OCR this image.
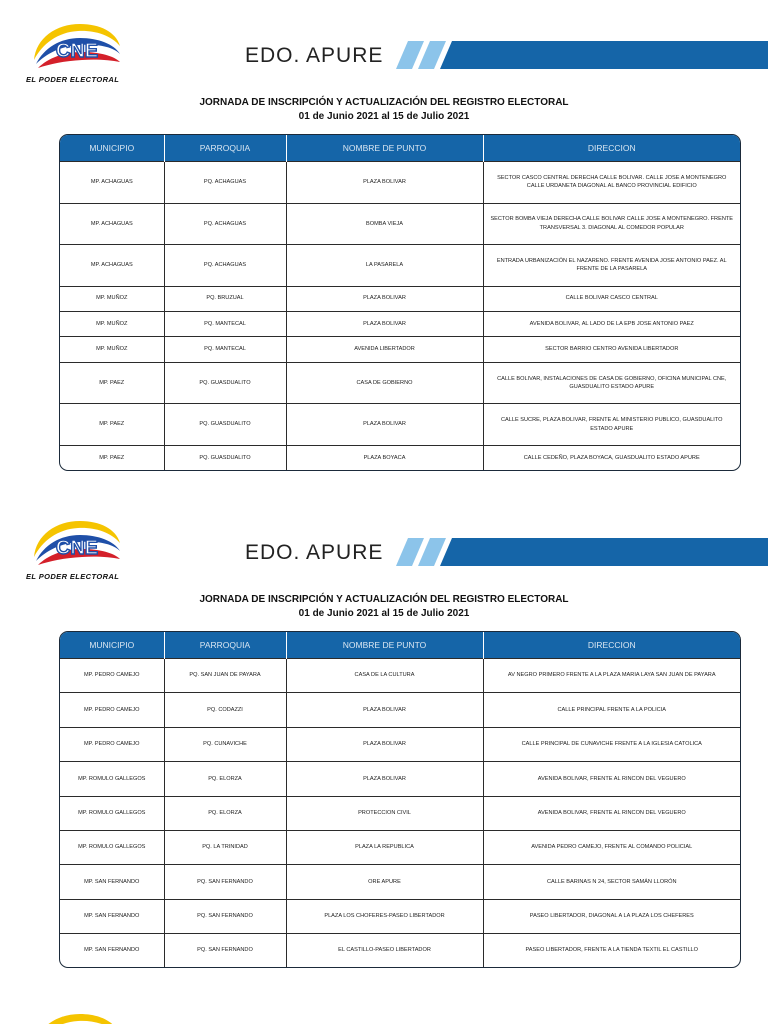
CNE
EL PODER ELECTORAL
EDO. APURE
JORNADA DE INSCRIPCIÓN Y ACTUALIZACIÓN DEL REGISTRO ELECTORAL
01 de Junio 2021 al 15 de Julio 2021
MUNICIPIO	PARROQUIA	NOMBRE DE PUNTO	DIRECCION
MP. ACHAGUAS	PQ. ACHAGUAS	PLAZA BOLIVAR	SECTOR CASCO CENTRAL DERECHA CALLE BOLIVAR. CALLE JOSE A MONTENEGRO CALLE URDANETA DIAGONAL AL BANCO PROVINCIAL EDIFICIO
MP. ACHAGUAS	PQ. ACHAGUAS	BOMBA VIEJA	SECTOR BOMBA VIEJA DERECHA CALLE BOLIVAR CALLE JOSE A MONTENEGRO. FRENTE TRANSVERSAL 3. DIAGONAL AL COMEDOR POPULAR
MP. ACHAGUAS	PQ. ACHAGUAS	LA PASARELA	ENTRADA URBANIZACIÓN EL NAZARENO. FRENTE AVENIDA JOSE ANTONIO PAEZ. AL FRENTE DE LA PASARELA
MP. MUÑOZ	PQ. BRUZUAL	PLAZA BOLIVAR	CALLE BOLIVAR CASCO CENTRAL
MP. MUÑOZ	PQ. MANTECAL	PLAZA BOLIVAR	AVENIDA BOLIVAR, AL LADO DE LA EPB JOSE ANTONIO PAEZ
MP. MUÑOZ	PQ. MANTECAL	AVENIDA LIBERTADOR	SECTOR BARRIO CENTRO AVENIDA LIBERTADOR
MP. PAEZ	PQ. GUASDUALITO	CASA DE GOBIERNO	CALLE BOLIVAR, INSTALACIONES DE CASA DE GOBIERNO, OFICINA MUNICIPAL CNE, GUASDUALITO ESTADO APURE
MP. PAEZ	PQ. GUASDUALITO	PLAZA BOLIVAR	CALLE SUCRE, PLAZA BOLIVAR, FRENTE AL MINISTERIO PUBLICO, GUASDUALITO ESTADO APURE
MP. PAEZ	PQ. GUASDUALITO	PLAZA BOYACA	CALLE CEDEÑO, PLAZA BOYACA, GUASDUALITO ESTADO APURE
CNE
EL PODER ELECTORAL
EDO. APURE
JORNADA DE INSCRIPCIÓN Y ACTUALIZACIÓN DEL REGISTRO ELECTORAL
01 de Junio 2021 al 15 de Julio 2021
MUNICIPIO	PARROQUIA	NOMBRE DE PUNTO	DIRECCION
MP. PEDRO CAMEJO	PQ. SAN JUAN DE PAYARA	CASA DE LA CULTURA	AV NEGRO PRIMERO FRENTE A LA PLAZA MARIA LAYA SAN JUAN DE PAYARA
MP. PEDRO CAMEJO	PQ. CODAZZI	PLAZA BOLIVAR	CALLE PRINCIPAL FRENTE A LA POLICIA
MP. PEDRO CAMEJO	PQ. CUNAVICHE	PLAZA BOLIVAR	CALLE PRINCIPAL DE CUNAVICHE FRENTE A LA IGLESIA CATOLICA
MP. ROMULO GALLEGOS	PQ. ELORZA	PLAZA BOLIVAR	AVENIDA BOLIVAR, FRENTE AL RINCON DEL VEGUERO
MP. ROMULO GALLEGOS	PQ. ELORZA	PROTECCION CIVIL	AVENIDA BOLIVAR, FRENTE AL RINCON DEL VEGUERO
MP. ROMULO GALLEGOS	PQ. LA TRINIDAD	PLAZA LA REPUBLICA	AVENIDA PEDRO CAMEJO, FRENTE AL COMANDO POLICIAL
MP. SAN FERNANDO	PQ. SAN FERNANDO	ORE APURE	CALLE BARINAS N 24, SECTOR SAMÁN LLORÓN
MP. SAN FERNANDO	PQ. SAN FERNANDO	PLAZA LOS CHOFERES-PASEO LIBERTADOR	PASEO LIBERTADOR, DIAGONAL A LA PLAZA LOS CHEFERES
MP. SAN FERNANDO	PQ. SAN FERNANDO	EL CASTILLO-PASEO LIBERTADOR	PASEO LIBERTADOR, FRENTE A LA TIENDA TEXTIL EL CASTILLO
